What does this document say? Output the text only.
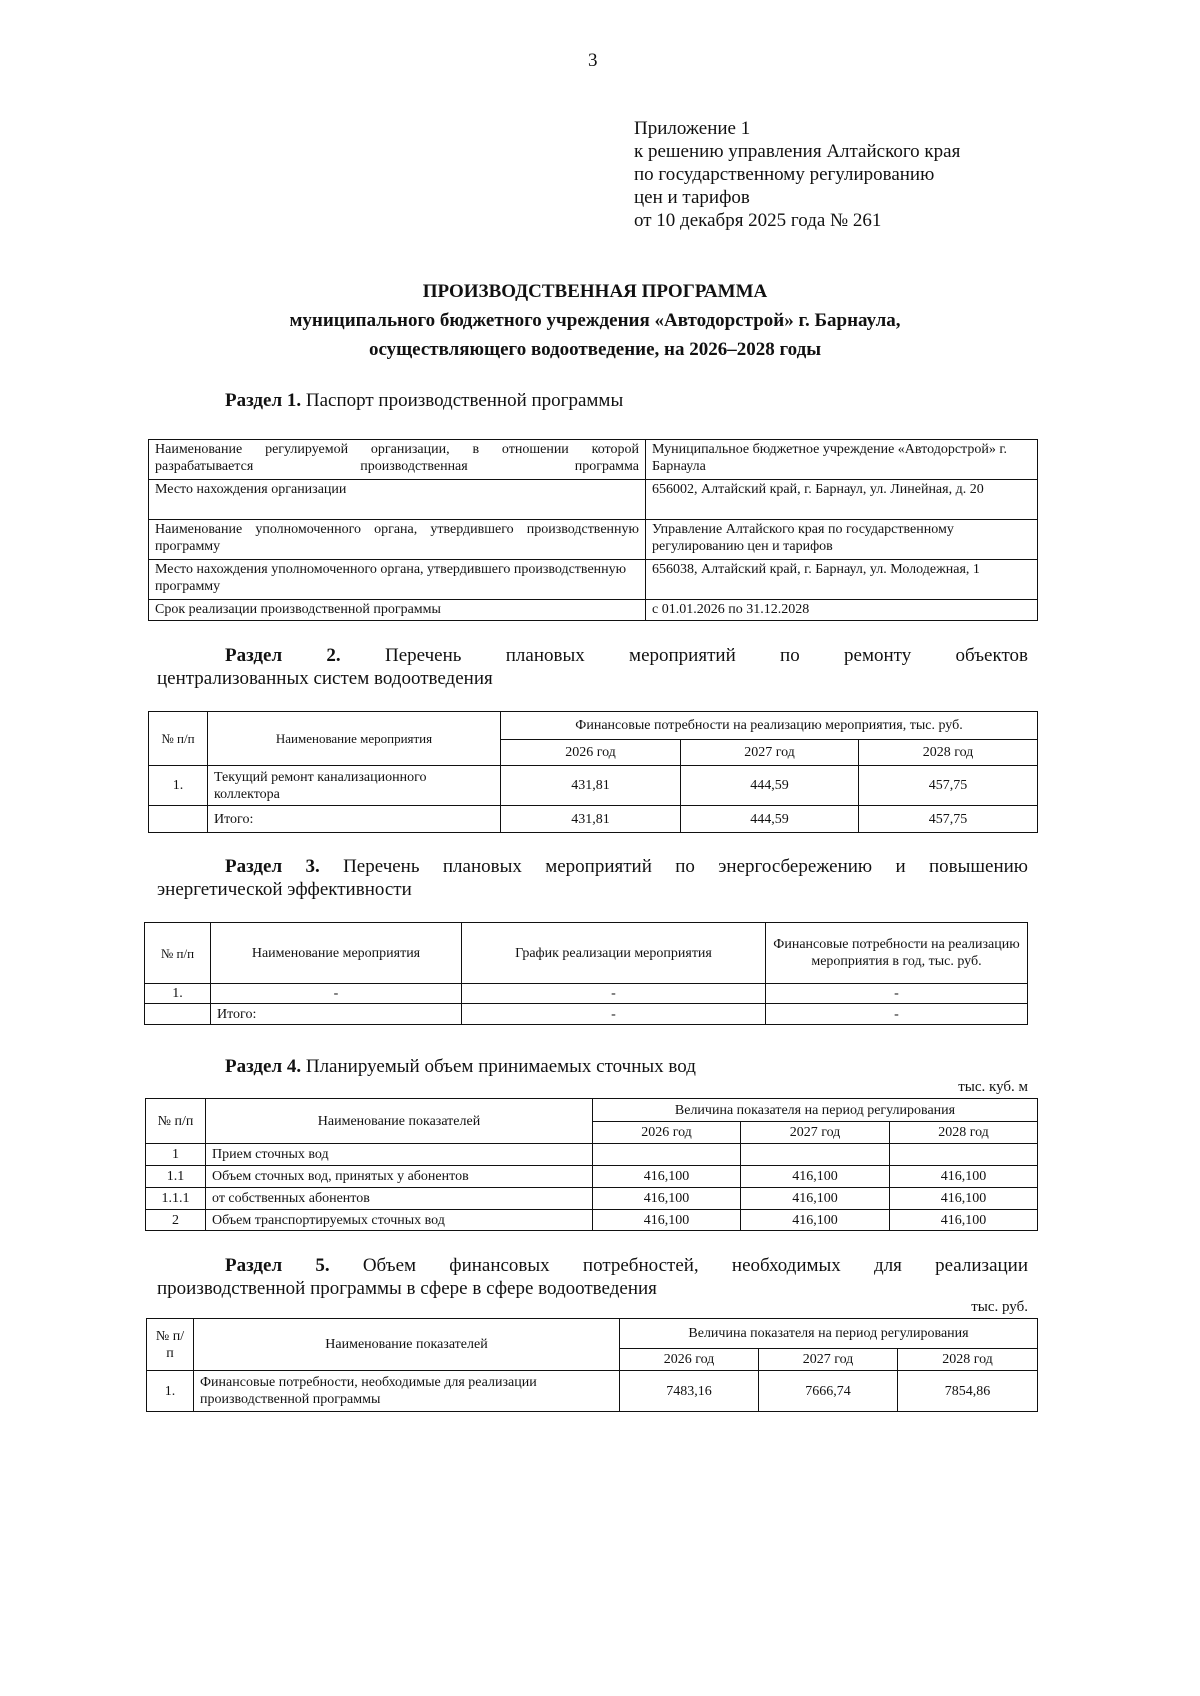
3
Приложение 1
к решению управления Алтайского края
по государственному регулированию
цен и тарифов
от 10 декабря 2025 года № 261
ПРОИЗВОДСТВЕННАЯ ПРОГРАММА
муниципального бюджетного учреждения «Автодорстрой» г. Барнаула,
осуществляющего водоотведение, на 2026–2028 годы
Раздел 1. Паспорт производственной программы
Наименование регулируемой организации, в отношении которой разрабатывается производственная программа	Муниципальное бюджетное учреждение «Автодорстрой» г. Барнаула
Место нахождения организации	656002, Алтайский край, г. Барнаул, ул. Линейная, д. 20
Наименование уполномоченного органа, утвердившего производственную программу	Управление Алтайского края по государственному регулированию цен и тарифов
Место нахождения уполномоченного органа, утвердившего производственную программу	656038, Алтайский край, г. Барнаул, ул. Молодежная, 1
Срок реализации производственной программы	с 01.01.2026 по 31.12.2028
Раздел 2. Перечень плановых мероприятий по ремонту объектов
централизованных систем водоотведения
№ п/п	Наименование мероприятия	Финансовые потребности на реализацию мероприятия, тыс. руб.		
		2026 год	2027 год	2028 год
1.	Текущий ремонт канализационного коллектора	431,81	444,59	457,75
	Итого:	431,81	444,59	457,75
Раздел 3. Перечень плановых мероприятий по энергосбережению и повышению
энергетической эффективности
№ п/п	Наименование мероприятия	График реализации мероприятия	Финансовые потребности на реализацию мероприятия в год, тыс. руб.
1.	-	-	-
	Итого:	-	-
Раздел 4. Планируемый объем принимаемых сточных вод
тыс. куб. м
№ п/п	Наименование показателей	Величина показателя на период регулирования		
		2026 год	2027 год	2028 год
1	Прием сточных вод			
1.1	Объем сточных вод, принятых у абонентов	416,100	416,100	416,100
1.1.1	от собственных абонентов	416,100	416,100	416,100
2	Объем транспортируемых сточных вод	416,100	416,100	416,100
Раздел 5. Объем финансовых потребностей, необходимых для реализации
производственной программы в сфере в сфере водоотведения
тыс. руб.
№ п/п	Наименование показателей	Величина показателя на период регулирования		
		2026 год	2027 год	2028 год
1.	Финансовые потребности, необходимые для реализации производственной программы	7483,16	7666,74	7854,86
